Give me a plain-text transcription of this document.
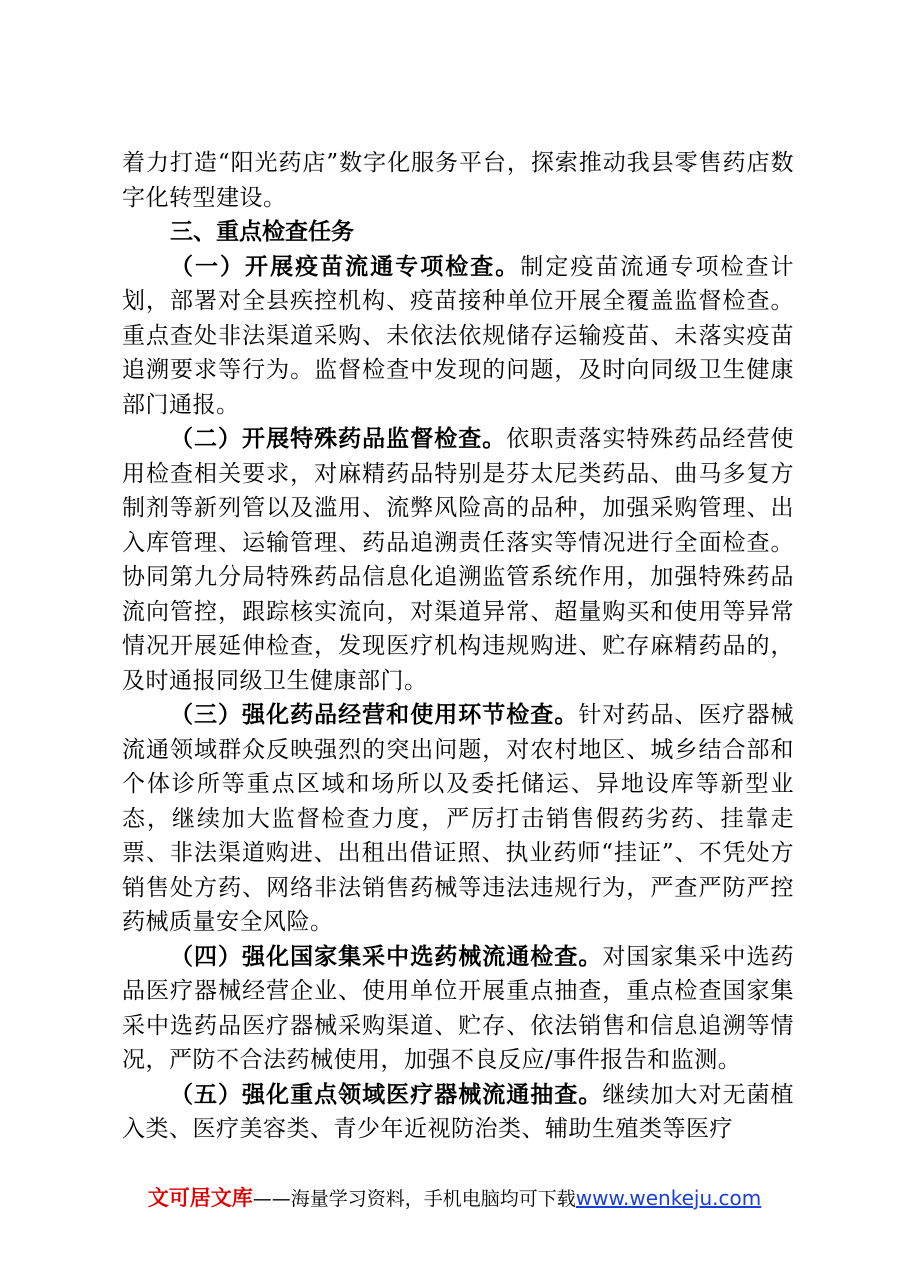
着力打造“阳光药店”数字化服务平台，探索推动我县零售药店数字化转型建设。

三、重点检查任务

（一）开展疫苗流通专项检查。制定疫苗流通专项检查计划，部署对全县疾控机构、疫苗接种单位开展全覆盖监督检查。重点查处非法渠道采购、未依法依规储存运输疫苗、未落实疫苗追溯要求等行为。监督检查中发现的问题，及时向同级卫生健康部门通报。

（二）开展特殊药品监督检查。依职责落实特殊药品经营使用检查相关要求，对麻精药品特别是芬太尼类药品、曲马多复方制剂等新列管以及滥用、流弊风险高的品种，加强采购管理、出入库管理、运输管理、药品追溯责任落实等情况进行全面检查。协同第九分局特殊药品信息化追溯监管系统作用，加强特殊药品流向管控，跟踪核实流向，对渠道异常、超量购买和使用等异常情况开展延伸检查，发现医疗机构违规购进、贮存麻精药品的，及时通报同级卫生健康部门。

（三）强化药品经营和使用环节检查。针对药品、医疗器械流通领域群众反映强烈的突出问题，对农村地区、城乡结合部和个体诊所等重点区域和场所以及委托储运、异地设库等新型业态，继续加大监督检查力度，严厉打击销售假药劣药、挂靠走票、非法渠道购进、出租出借证照、执业药师“挂证”、不凭处方销售处方药、网络非法销售药械等违法违规行为，严查严防严控药械质量安全风险。

（四）强化国家集采中选药械流通检查。对国家集采中选药品医疗器械经营企业、使用单位开展重点抽查，重点检查国家集采中选药品医疗器械采购渠道、贮存、依法销售和信息追溯等情况，严防不合法药械使用，加强不良反应/事件报告和监测。

（五）强化重点领域医疗器械流通抽查。继续加大对无菌植入类、医疗美容类、青少年近视防治类、辅助生殖类等医疗

文可居文库——海量学习资料，手机电脑均可下载www.wenkeju.com
